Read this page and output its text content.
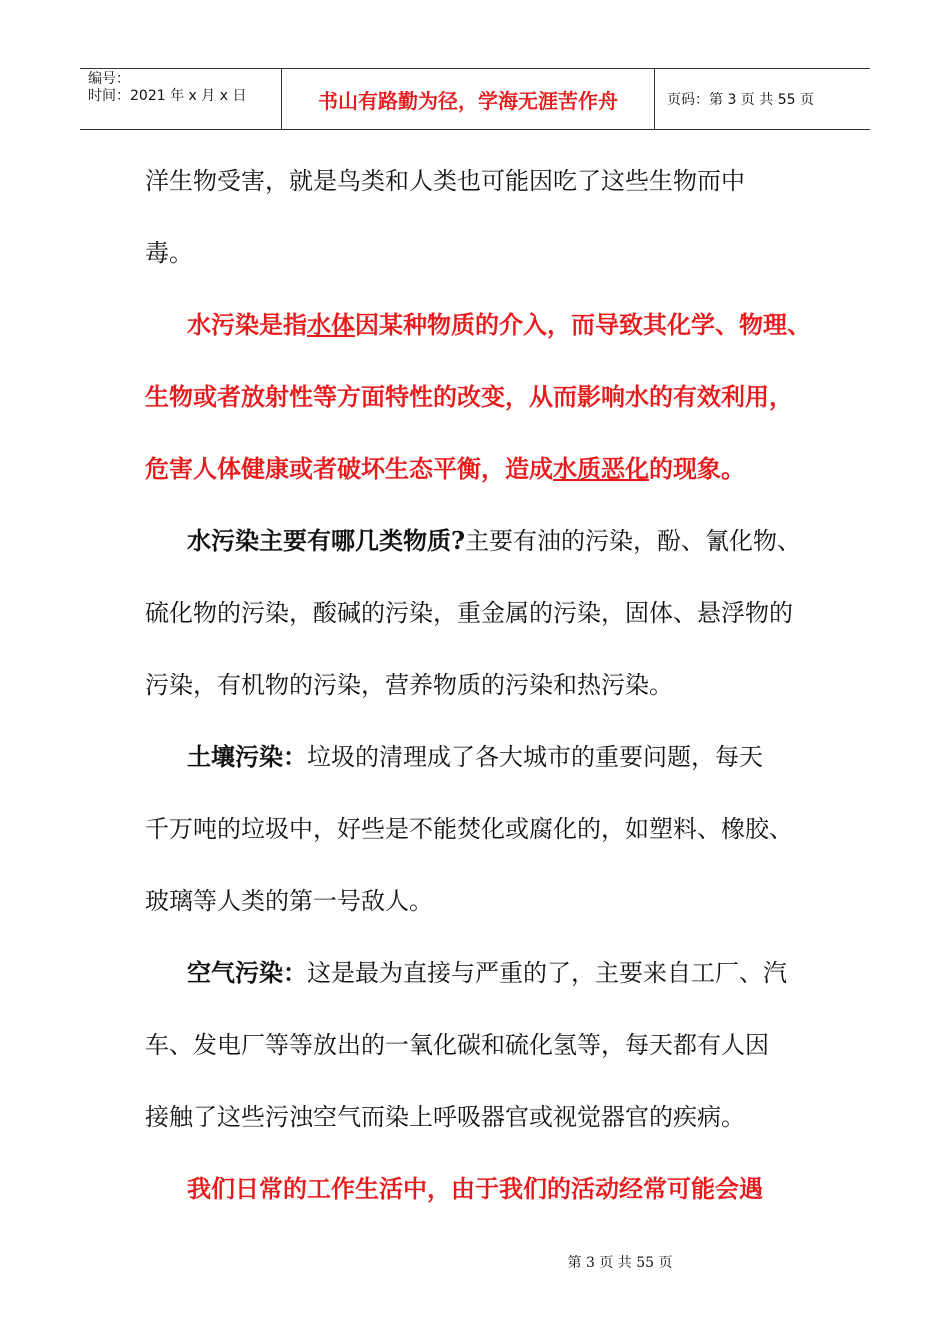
编号：
时间：2021 年 x 月 x 日	书山有路勤为径，学海无涯苦作舟	页码：第 3 页 共 55 页
洋生物受害，就是鸟类和人类也可能因吃了这些生物而中
毒。
水污染是指水体因某种物质的介入，而导致其化学、物理、
生物或者放射性等方面特性的改变，从而影响水的有效利用，
危害人体健康或者破坏生态平衡，造成水质恶化的现象。
水污染主要有哪几类物质?主要有油的污染，酚、氰化物、
硫化物的污染，酸碱的污染，重金属的污染，固体、悬浮物的
污染，有机物的污染，营养物质的污染和热污染。
土壤污染：垃圾的清理成了各大城市的重要问题，每天
千万吨的垃圾中，好些是不能焚化或腐化的，如塑料、橡胶、
玻璃等人类的第一号敌人。
空气污染：这是最为直接与严重的了，主要来自工厂、汽
车、发电厂等等放出的一氧化碳和硫化氢等，每天都有人因
接触了这些污浊空气而染上呼吸器官或视觉器官的疾病。
我们日常的工作生活中，由于我们的活动经常可能会遇
第 3 页 共 55 页
